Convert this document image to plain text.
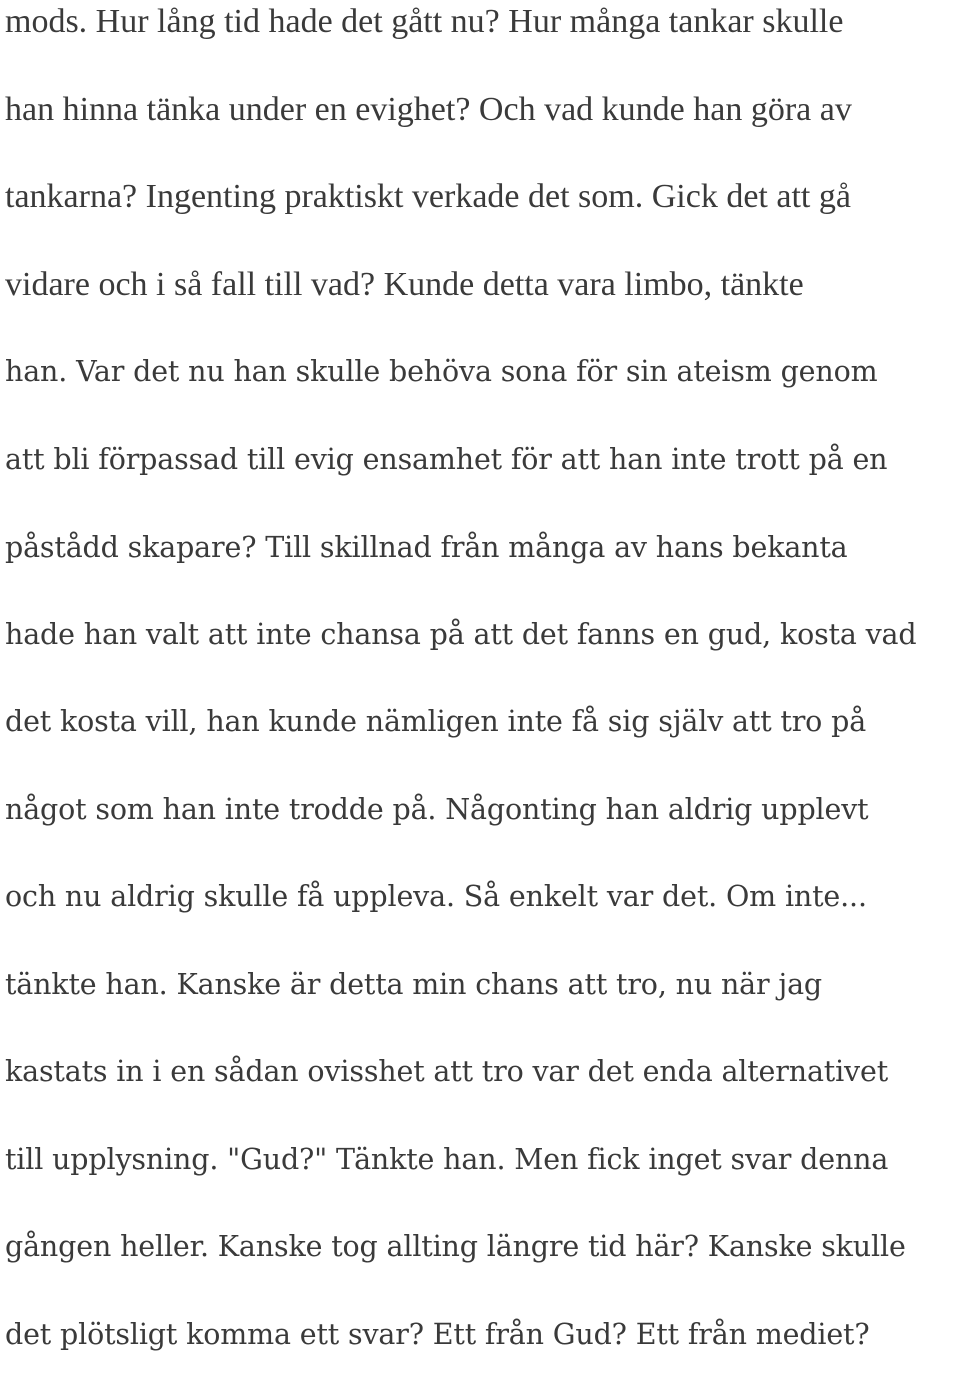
mods. Hur lång tid hade det gått nu? Hur många tankar skulle
han hinna tänka under en evighet? Och vad kunde han göra av
tankarna? Ingenting praktiskt verkade det som. Gick det att gå
vidare och i så fall till vad? Kunde detta vara limbo, tänkte
han. Var det nu han skulle behöva sona för sin ateism genom
att bli förpassad till evig ensamhet för att han inte trott på en
påstådd skapare? Till skillnad från många av hans bekanta
hade han valt att inte chansa på att det fanns en gud, kosta vad
det kosta vill, han kunde nämligen inte få sig själv att tro på
något som han inte trodde på. Någonting han aldrig upplevt
och nu aldrig skulle få uppleva. Så enkelt var det. Om inte...
tänkte han. Kanske är detta min chans att tro, nu när jag
kastats in i en sådan ovisshet att tro var det enda alternativet
till upplysning. "Gud?" Tänkte han. Men fick inget svar denna
gången heller. Kanske tog allting längre tid här? Kanske skulle
det plötsligt komma ett svar? Ett från Gud? Ett från mediet?
